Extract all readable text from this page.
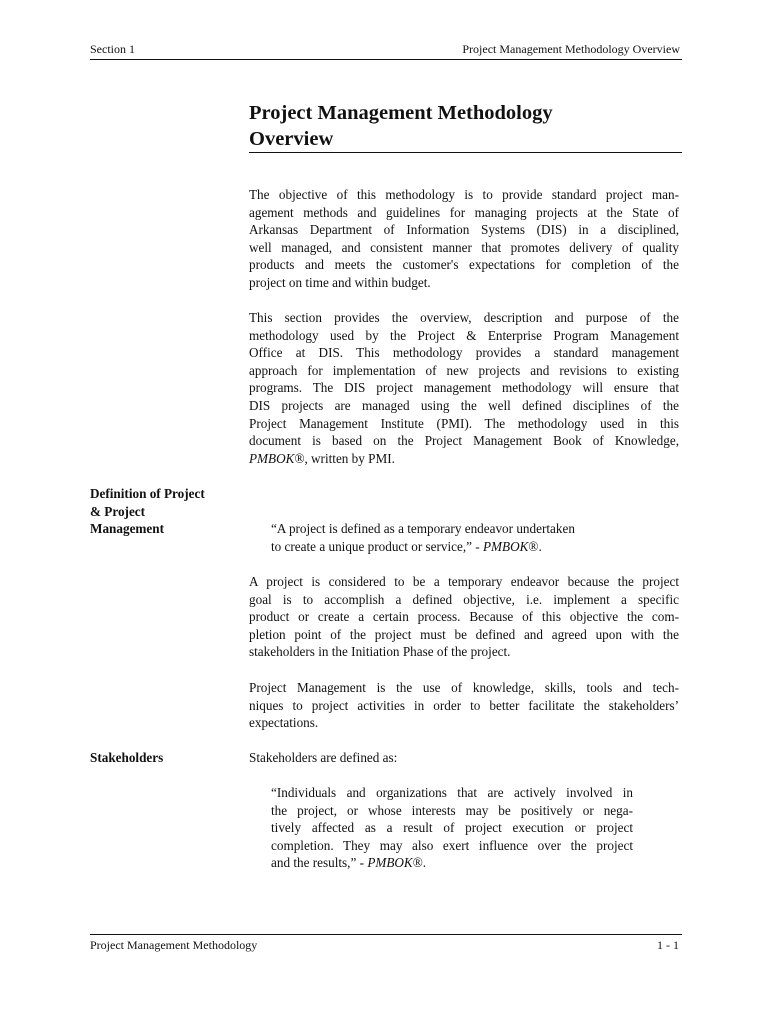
Section 1	Project Management Methodology Overview
Project Management Methodology
Overview

The objective of this methodology is to provide standard project man-
agement methods and guidelines for managing projects at the State of
Arkansas Department of Information Systems (DIS) in a disciplined,
well managed, and consistent manner that promotes delivery of quality
products and meets the customer's expectations for completion of the
project on time and within budget.

This section provides the overview, description and purpose of the
methodology used by the Project & Enterprise Program Management
Office at DIS. This methodology provides a standard management
approach for implementation of new projects and revisions to existing
programs. The DIS project management methodology will ensure that
DIS projects are managed using the well defined disciplines of the
Project Management Institute (PMI). The methodology used in this
document is based on the Project Management Book of Knowledge,
PMBOK®, written by PMI.

Definition of Project
& Project
Management	“A project is defined as a temporary endeavor undertaken
to create a unique product or service,” - PMBOK®.

A project is considered to be a temporary endeavor because the project
goal is to accomplish a defined objective, i.e. implement a specific
product or create a certain process. Because of this objective the com-
pletion point of the project must be defined and agreed upon with the
stakeholders in the Initiation Phase of the project.

Project Management is the use of knowledge, skills, tools and tech-
niques to project activities in order to better facilitate the stakeholders’
expectations.

Stakeholders	Stakeholders are defined as:
“Individuals and organizations that are actively involved in
the project, or whose interests may be positively or nega-
tively affected as a result of project execution or project
completion. They may also exert influence over the project
and the results,” - PMBOK®.
Project Management Methodology	1 - 1
